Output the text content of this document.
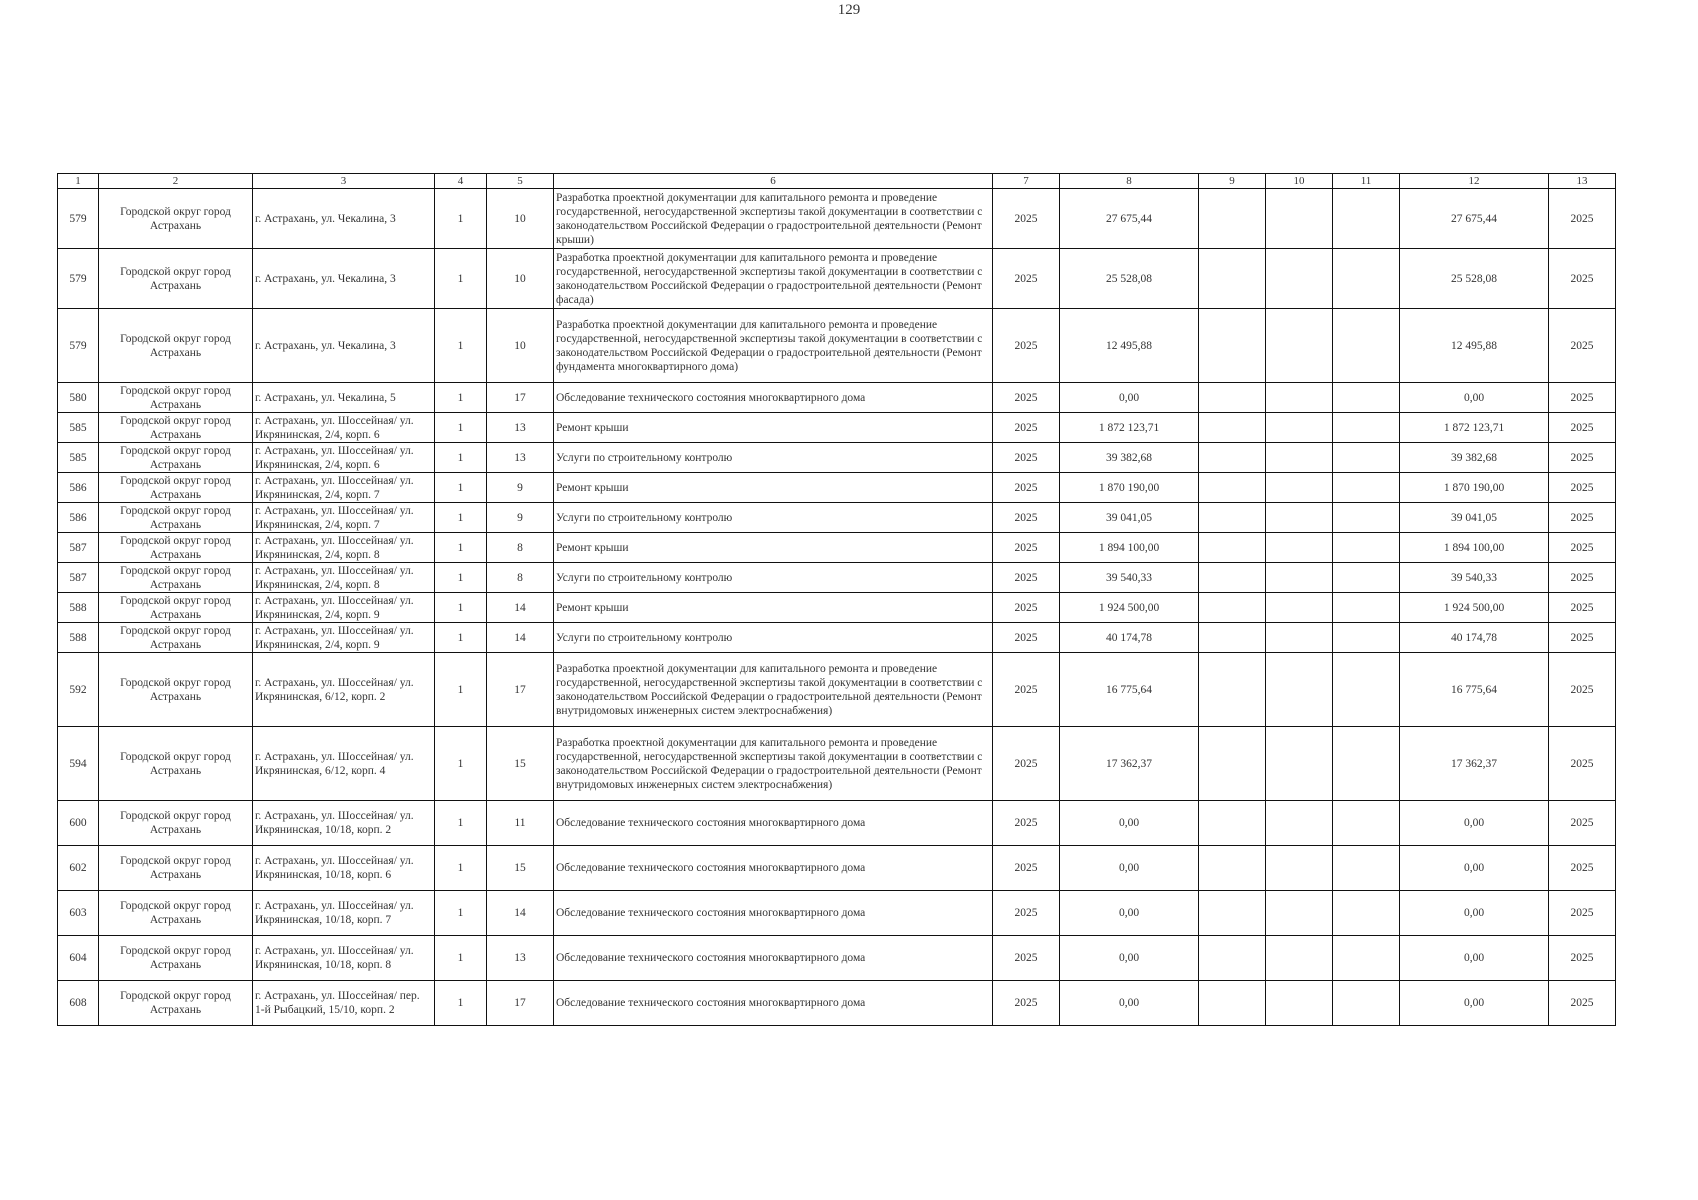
129
1	2	3	4	5	6	7	8	9	10	11	12	13
579	Городской округ город Астрахань	г. Астрахань, ул. Чекалина, 3	1	10	Разработка проектной документации для капитального ремонта и проведение государственной, негосударственной экспертизы такой документации в соответствии с законодательством Российской Федерации о градостроительной деятельности (Ремонт крыши)	2025	27 675,44				27 675,44	2025
579	Городской округ город Астрахань	г. Астрахань, ул. Чекалина, 3	1	10	Разработка проектной документации для капитального ремонта и проведение государственной, негосударственной экспертизы такой документации в соответствии с законодательством Российской Федерации о градостроительной деятельности (Ремонт фасада)	2025	25 528,08				25 528,08	2025
579	Городской округ город Астрахань	г. Астрахань, ул. Чекалина, 3	1	10	Разработка проектной документации для капитального ремонта и проведение государственной, негосударственной экспертизы такой документации в соответствии с законодательством Российской Федерации о градостроительной деятельности (Ремонт фундамента многоквартирного дома)	2025	12 495,88				12 495,88	2025
580	Городской округ город Астрахань	г. Астрахань, ул. Чекалина, 5	1	17	Обследование технического состояния многоквартирного дома	2025	0,00				0,00	2025
585	Городской округ город Астрахань	г. Астрахань, ул. Шоссейная/ ул. Икрянинская, 2/4, корп. 6	1	13	Ремонт крыши	2025	1 872 123,71				1 872 123,71	2025
585	Городской округ город Астрахань	г. Астрахань, ул. Шоссейная/ ул. Икрянинская, 2/4, корп. 6	1	13	Услуги по строительному контролю	2025	39 382,68				39 382,68	2025
586	Городской округ город Астрахань	г. Астрахань, ул. Шоссейная/ ул. Икрянинская, 2/4, корп. 7	1	9	Ремонт крыши	2025	1 870 190,00				1 870 190,00	2025
586	Городской округ город Астрахань	г. Астрахань, ул. Шоссейная/ ул. Икрянинская, 2/4, корп. 7	1	9	Услуги по строительному контролю	2025	39 041,05				39 041,05	2025
587	Городской округ город Астрахань	г. Астрахань, ул. Шоссейная/ ул. Икрянинская, 2/4, корп. 8	1	8	Ремонт крыши	2025	1 894 100,00				1 894 100,00	2025
587	Городской округ город Астрахань	г. Астрахань, ул. Шоссейная/ ул. Икрянинская, 2/4, корп. 8	1	8	Услуги по строительному контролю	2025	39 540,33				39 540,33	2025
588	Городской округ город Астрахань	г. Астрахань, ул. Шоссейная/ ул. Икрянинская, 2/4, корп. 9	1	14	Ремонт крыши	2025	1 924 500,00				1 924 500,00	2025
588	Городской округ город Астрахань	г. Астрахань, ул. Шоссейная/ ул. Икрянинская, 2/4, корп. 9	1	14	Услуги по строительному контролю	2025	40 174,78				40 174,78	2025
592	Городской округ город Астрахань	г. Астрахань, ул. Шоссейная/ ул. Икрянинская, 6/12, корп. 2	1	17	Разработка проектной документации для капитального ремонта и проведение государственной, негосударственной экспертизы такой документации в соответствии с законодательством Российской Федерации о градостроительной деятельности (Ремонт внутридомовых инженерных систем электроснабжения)	2025	16 775,64				16 775,64	2025
594	Городской округ город Астрахань	г. Астрахань, ул. Шоссейная/ ул. Икрянинская, 6/12, корп. 4	1	15	Разработка проектной документации для капитального ремонта и проведение государственной, негосударственной экспертизы такой документации в соответствии с законодательством Российской Федерации о градостроительной деятельности (Ремонт внутридомовых инженерных систем электроснабжения)	2025	17 362,37				17 362,37	2025
600	Городской округ город Астрахань	г. Астрахань, ул. Шоссейная/ ул. Икрянинская, 10/18, корп. 2	1	11	Обследование технического состояния многоквартирного дома	2025	0,00				0,00	2025
602	Городской округ город Астрахань	г. Астрахань, ул. Шоссейная/ ул. Икрянинская, 10/18, корп. 6	1	15	Обследование технического состояния многоквартирного дома	2025	0,00				0,00	2025
603	Городской округ город Астрахань	г. Астрахань, ул. Шоссейная/ ул. Икрянинская, 10/18, корп. 7	1	14	Обследование технического состояния многоквартирного дома	2025	0,00				0,00	2025
604	Городской округ город Астрахань	г. Астрахань, ул. Шоссейная/ ул. Икрянинская, 10/18, корп. 8	1	13	Обследование технического состояния многоквартирного дома	2025	0,00				0,00	2025
608	Городской округ город Астрахань	г. Астрахань, ул. Шоссейная/ пер. 1-й Рыбацкий, 15/10, корп. 2	1	17	Обследование технического состояния многоквартирного дома	2025	0,00				0,00	2025
